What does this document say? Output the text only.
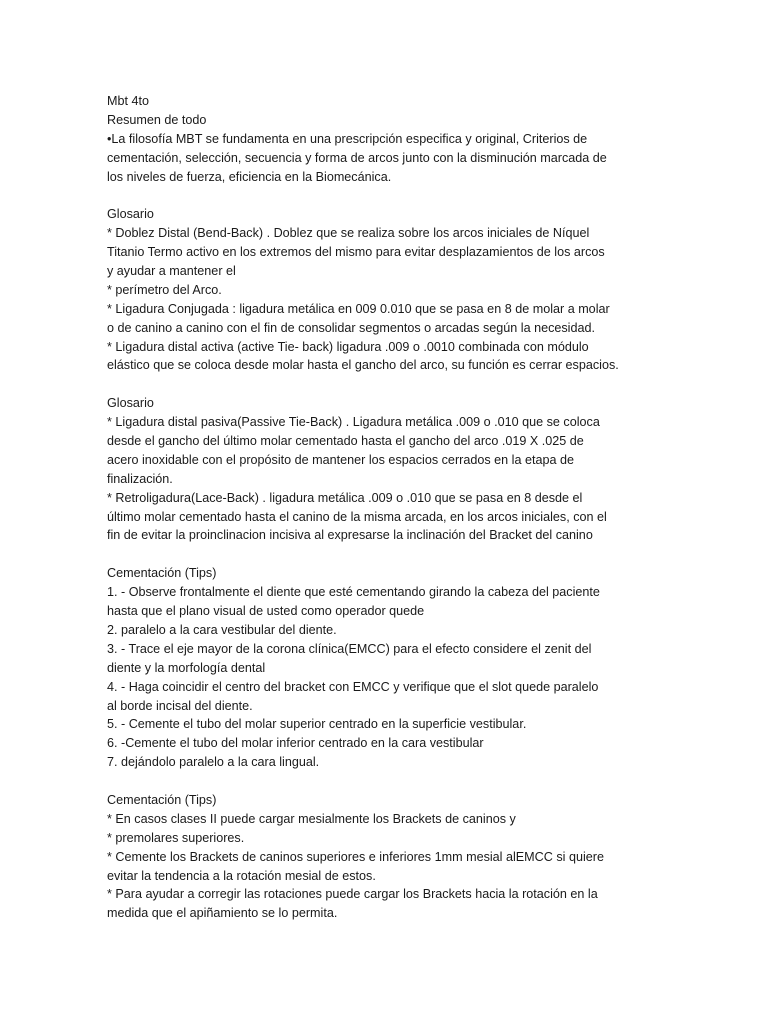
Mbt 4to
Resumen de todo
•La filosofía MBT se fundamenta en una prescripción especifica y original, Criterios de
cementación, selección, secuencia y forma de arcos junto con la disminución marcada de
los niveles de fuerza, eficiencia en la Biomecánica.
Glosario
* Doblez Distal (Bend-Back) . Doblez que se realiza sobre los arcos iniciales de Níquel
Titanio Termo activo en los extremos del mismo para evitar desplazamientos de los arcos
y ayudar a mantener el
* perímetro del Arco.
* Ligadura Conjugada : ligadura metálica en 009 0.010 que se pasa en 8 de molar a molar
o de canino a canino con el fin de consolidar segmentos o arcadas según la necesidad.
* Ligadura distal activa (active Tie- back) ligadura .009 o .0010 combinada con módulo
elástico que se coloca desde molar hasta el gancho del arco, su función es cerrar espacios.
Glosario
* Ligadura distal pasiva(Passive Tie-Back) . Ligadura metálica .009 o .010 que se coloca
desde el gancho del último molar cementado hasta el gancho del arco .019 X .025 de
acero inoxidable con el propósito de mantener los espacios cerrados en la etapa de
finalización.
* Retroligadura(Lace-Back) . ligadura metálica .009 o .010 que se pasa en 8 desde el
último molar cementado hasta el canino de la misma arcada, en los arcos iniciales, con el
fin de evitar la proinclinacion incisiva al expresarse la inclinación del Bracket del canino
Cementación (Tips)
1. - Observe frontalmente el diente que esté cementando girando la cabeza del paciente
hasta que el plano visual de usted como operador quede
2. paralelo a la cara vestibular del diente.
3. - Trace el eje mayor de la corona clínica(EMCC) para el efecto considere el zenit del
diente y la morfología dental
4. - Haga coincidir el centro del bracket con EMCC y verifique que el slot quede paralelo
al borde incisal del diente.
5. - Cemente el tubo del molar superior centrado en la superficie vestibular.
6. -Cemente el tubo del molar inferior centrado en la cara vestibular
7. dejándolo paralelo a la cara lingual.
Cementación (Tips)
* En casos clases II puede cargar mesialmente los Brackets de caninos y
* premolares superiores.
* Cemente los Brackets de caninos superiores e inferiores 1mm mesial alEMCC si quiere
evitar la tendencia a la rotación mesial de estos.
* Para ayudar a corregir las rotaciones puede cargar los Brackets hacia la rotación en la
medida que el apiñamiento se lo permita.
